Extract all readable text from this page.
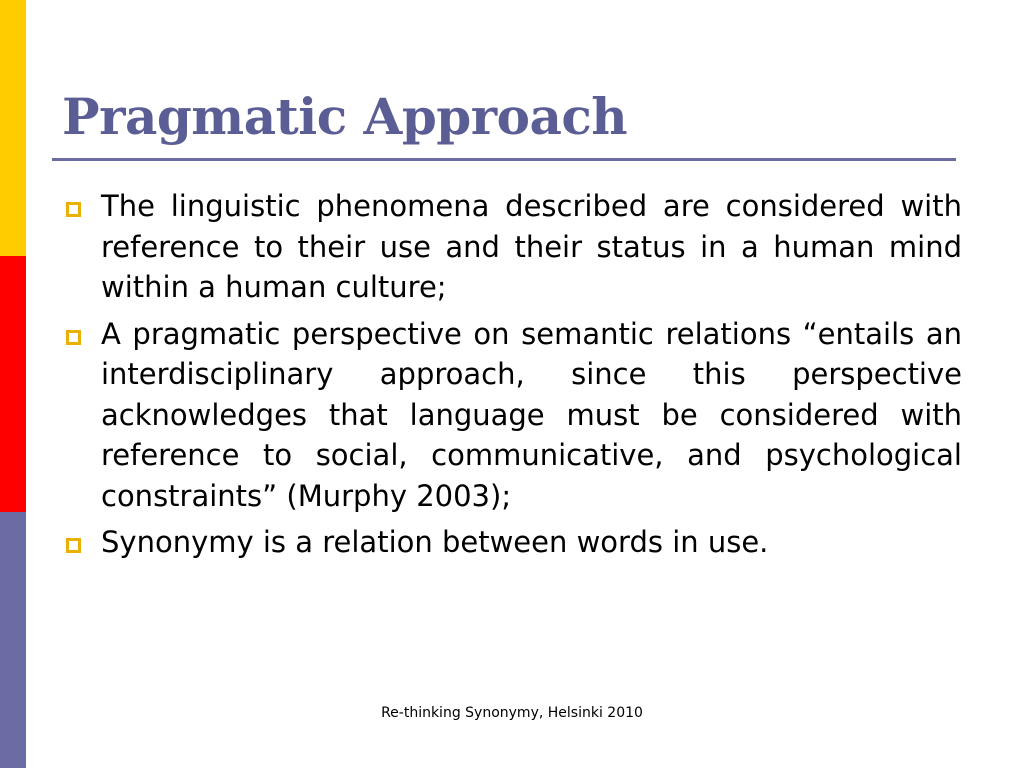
Pragmatic Approach
The linguistic phenomena described are considered with reference to their use and their status in a human mind within a human culture;
A pragmatic perspective on semantic relations “entails an interdisciplinary approach, since this perspective acknowledges that language must be considered with reference to social, communicative, and psychological constraints” (Murphy 2003);
Synonymy is a relation between words in use.
Re-thinking Synonymy, Helsinki 2010
